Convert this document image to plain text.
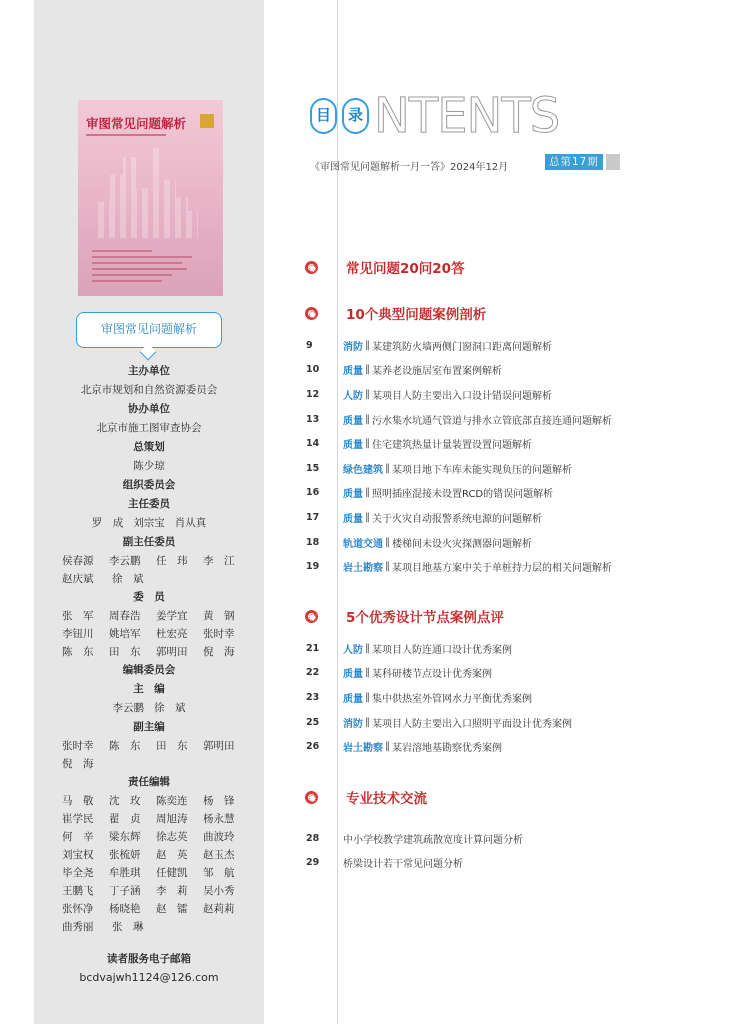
审图常见问题解析
审图常见问题解析
主办单位
北京市规划和自然资源委员会
协办单位
北京市施工图审查协会
总策划
陈少琼
组织委员会
主任委员
罗　成 刘宗宝 肖从真
副主任委员
侯春源	李云鹏	任　玮	李　江
赵庆斌	徐　斌
委　员
张　军	周春浩	姜学宜	黄　钢
李钮川	姚培军	杜宏亮	张时幸
陈　东	田　东	郭明田	倪　海
编辑委员会
主　编
李云鹏 徐　斌
副主编
张时幸	陈　东	田　东	郭明田
倪　海
责任编辑
马　敬	沈　玫	陈奕连	杨　锋
崔学民	翟　贞	周旭涛	杨永慧
何　辛	梁东辉	徐志英	曲波玲
刘宝权	张梳妍	赵　英	赵玉杰
毕全尧	牟胜琪	任健凯	邹　航
王鹏飞	丁子涵	李　莉	吴小秀
张怀净	杨晓艳	赵　镭	赵莉莉
曲秀丽	张　琳
读者服务电子邮箱
bcdvajwh1124@126.com
目	录 NTENTS
《审图常见问题解析一月一答》2024年12月	总第17期
常见问题20问20答
10个典型问题案例剖析
9	消防 ‖ 某建筑防火墙两侧门窗洞口距离问题解析
10	质量 ‖ 某养老设施居室布置案例解析
12	人防 ‖ 某项目人防主要出入口设计错误问题解析
13	质量 ‖ 污水集水坑通气管道与排水立管底部直接连通问题解析
14	质量 ‖ 住宅建筑热量计量装置设置问题解析
15	绿色建筑 ‖ 某项目地下车库未能实现负压的问题解析
16	质量 ‖ 照明插座混接未设置RCD的错误问题解析
17	质量 ‖ 关于火灾自动报警系统电源的问题解析
18	轨道交通 ‖ 楼梯间未设火灾探测器问题解析
19	岩土勘察 ‖ 某项目地基方案中关于单桩持力层的相关问题解析
5个优秀设计节点案例点评
21	人防 ‖ 某项目人防连通口设计优秀案例
22	质量 ‖ 某科研楼节点设计优秀案例
23	质量 ‖ 集中供热室外管网水力平衡优秀案例
25	消防 ‖ 某项目人防主要出入口照明平面设计优秀案例
26	岩土勘察 ‖ 某岩溶地基勘察优秀案例
专业技术交流
28	中小学校教学建筑疏散宽度计算问题分析
29	桥梁设计若干常见问题分析
